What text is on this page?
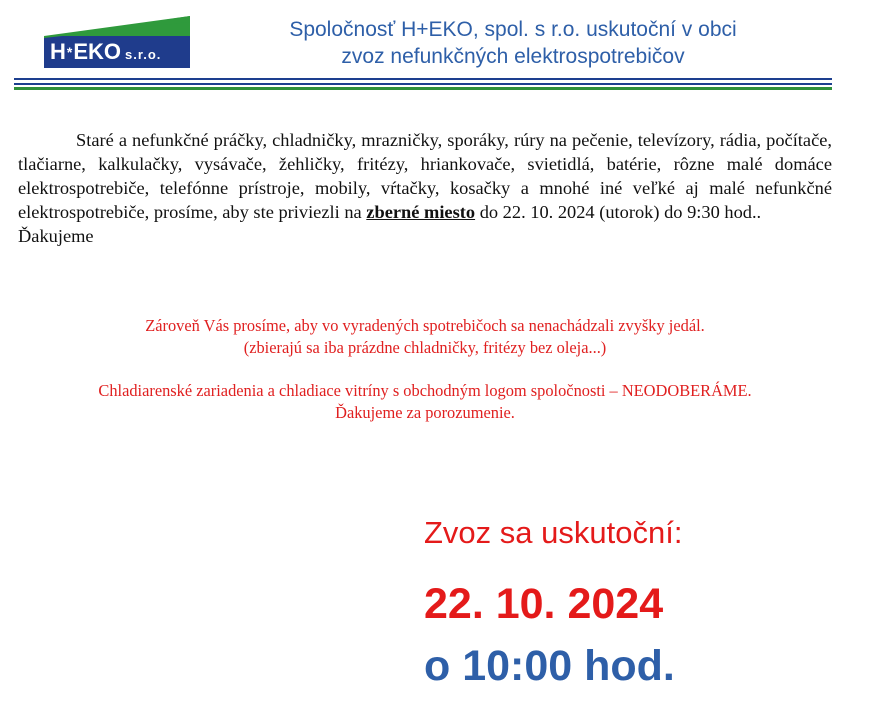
H*EKO s.r.o.
Spoločnosť H+EKO, spol. s r.o. uskutoční v obci
zvoz nefunkčných elektrospotrebičov
Staré a nefunkčné práčky, chladničky, mrazničky, sporáky, rúry na pečenie, televízory, rádia, počítače, tlačiarne, kalkulačky, vysávače, žehličky, fritézy, hriankovače, svietidlá, batérie, rôzne malé domáce elektrospotrebiče, telefónne prístroje, mobily, vŕtačky, kosačky a mnohé iné veľké aj malé nefunkčné elektrospotrebiče, prosíme, aby ste priviezli na zberné miesto do 22. 10. 2024 (utorok) do 9:30 hod..
Ďakujeme
Zároveň Vás prosíme, aby vo vyradených spotrebičoch sa nenachádzali zvyšky jedál.
(zbierajú sa iba prázdne chladničky, fritézy bez oleja...)
Chladiarenské zariadenia a chladiace vitríny s obchodným logom spoločnosti – NEODOBERÁME.
Ďakujeme za porozumenie.
Zvoz sa uskutoční:
22. 10. 2024
o 10:00 hod.
